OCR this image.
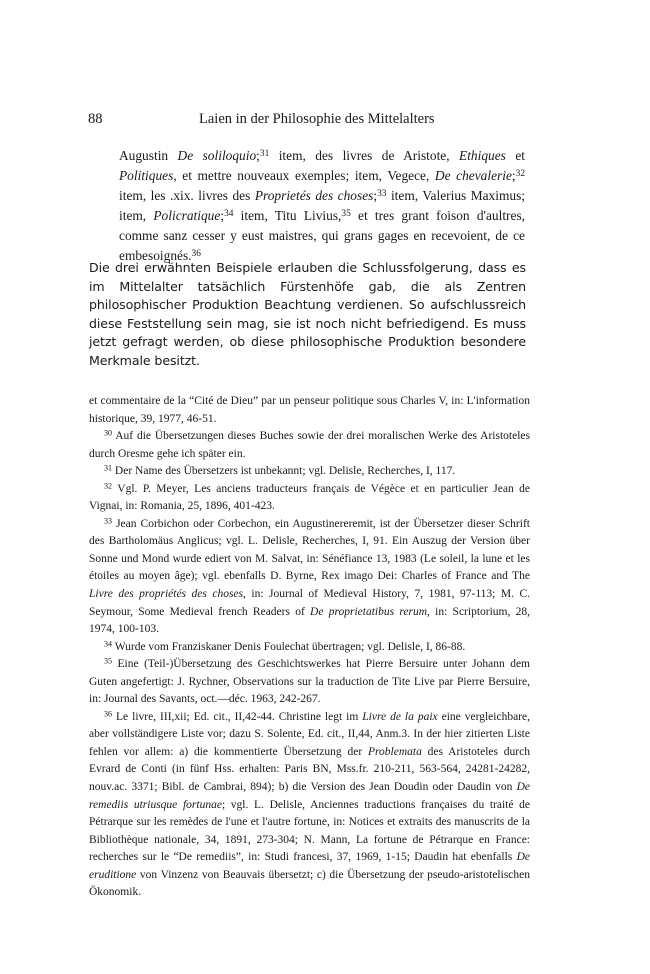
88	Laien in der Philosophie des Mittelalters
Augustin De soliloquio;$^{31}$ item, des livres de Aristote, Ethiques et Politiques, et mettre nouveaux exemples; item, Vegece, De chevalerie;$^{32}$ item, les .xix. livres des Proprietés des choses;$^{33}$ item, Valerius Maximus; item, Policratique;$^{34}$ item, Titu Livius,$^{35}$ et tres grant foison d'aultres, comme sanz cesser y eust maistres, qui grans gages en recevoient, de ce embesoignés.$^{36}$

Die drei erwähnten Beispiele erlauben die Schlussfolgerung, dass es im Mittelalter tatsächlich Fürstenhöfe gab, die als Zentren philosophischer Produktion Beachtung verdienen. So aufschlussreich diese Feststellung sein mag, sie ist noch nicht befriedigend. Es muss jetzt gefragt werden, ob diese philosophische Produktion besondere Merkmale besitzt.

et commentaire de la “Cité de Dieu” par un penseur politique sous Charles V, in: L'information historique, 39, 1977, 46-51.

$^{30}$ Auf die Übersetzungen dieses Buches sowie der drei moralischen Werke des Aristoteles durch Oresme gehe ich später ein.

$^{31}$ Der Name des Übersetzers ist unbekannt; vgl. Delisle, Recherches, I, 117.

$^{32}$ Vgl. P. Meyer, Les anciens traducteurs français de Végèce et en particulier Jean de Vignai, in: Romania, 25, 1896, 401-423.

$^{33}$ Jean Corbichon oder Corbechon, ein Augustinereremit, ist der Übersetzer dieser Schrift des Bartholomäus Anglicus; vgl. L. Delisle, Recherches, I, 91. Ein Auszug der Version über Sonne und Mond wurde ediert von M. Salvat, in: Sénéfiance 13, 1983 (Le soleil, la lune et les étoiles au moyen âge); vgl. ebenfalls D. Byrne, Rex imago Dei: Charles of France and The Livre des propriétés des choses, in: Journal of Medieval History, 7, 1981, 97-113; M. C. Seymour, Some Medieval french Readers of De proprietatibus rerum, in: Scriptorium, 28, 1974, 100-103.

$^{34}$ Wurde vom Franziskaner Denis Foulechat übertragen; vgl. Delisle, I, 86-88.

$^{35}$ Eine (Teil-)Übersetzung des Geschichtswerkes hat Pierre Bersuire unter Johann dem Guten angefertigt: J. Rychner, Observations sur la traduction de Tite Live par Pierre Bersuire, in: Journal des Savants, oct.—déc. 1963, 242-267.

$^{36}$ Le livre, III,xii; Ed. cit., II,42-44. Christine legt im Livre de la paix eine vergleichbare, aber vollständigere Liste vor; dazu S. Solente, Ed. cit., II,44, Anm.3. In der hier zitierten Liste fehlen vor allem: a) die kommentierte Übersetzung der Problemata des Aristoteles durch Evrard de Conti (in fünf Hss. erhalten: Paris BN, Mss.fr. 210-211, 563-564, 24281-24282, nouv.ac. 3371; Bibl. de Cambrai, 894); b) die Version des Jean Doudin oder Daudin von De remediis utriusque fortunae; vgl. L. Delisle, Anciennes traductions françaises du traité de Pétrarque sur les remèdes de l'une et l'autre fortune, in: Notices et extraits des manuscrits de la Bibliothèque nationale, 34, 1891, 273-304; N. Mann, La fortune de Pétrarque en France: recherches sur le “De remediis”, in: Studi francesi, 37, 1969, 1-15; Daudin hat ebenfalls De eruditione von Vinzenz von Beauvais übersetzt; c) die Übersetzung der pseudo-aristotelischen Ökonomik.
